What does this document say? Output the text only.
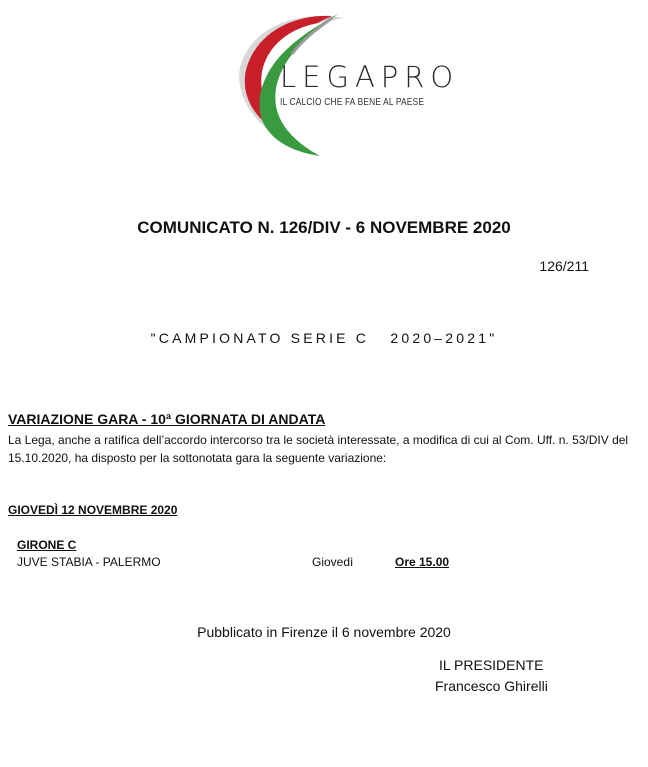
LEGAPRO
IL CALCIO CHE FA BENE AL PAESE
COMUNICATO N. 126/DIV - 6 NOVEMBRE 2020
126/211
"CAMPIONATO SERIE C   2020–2021"
VARIAZIONE GARA - 10ª GIORNATA DI ANDATA
La Lega, anche a ratifica dell’accordo intercorso tra le società interessate, a modifica di cui al Com. Uff. n. 53/DIV del 15.10.2020, ha disposto per la sottonotata gara la seguente variazione:
GIOVEDÌ 12 NOVEMBRE 2020
GIRONE C
JUVE STABIA - PALERMO	Giovedì	Ore 15.00
Pubblicato in Firenze il 6 novembre 2020
IL PRESIDENTE
Francesco Ghirelli
